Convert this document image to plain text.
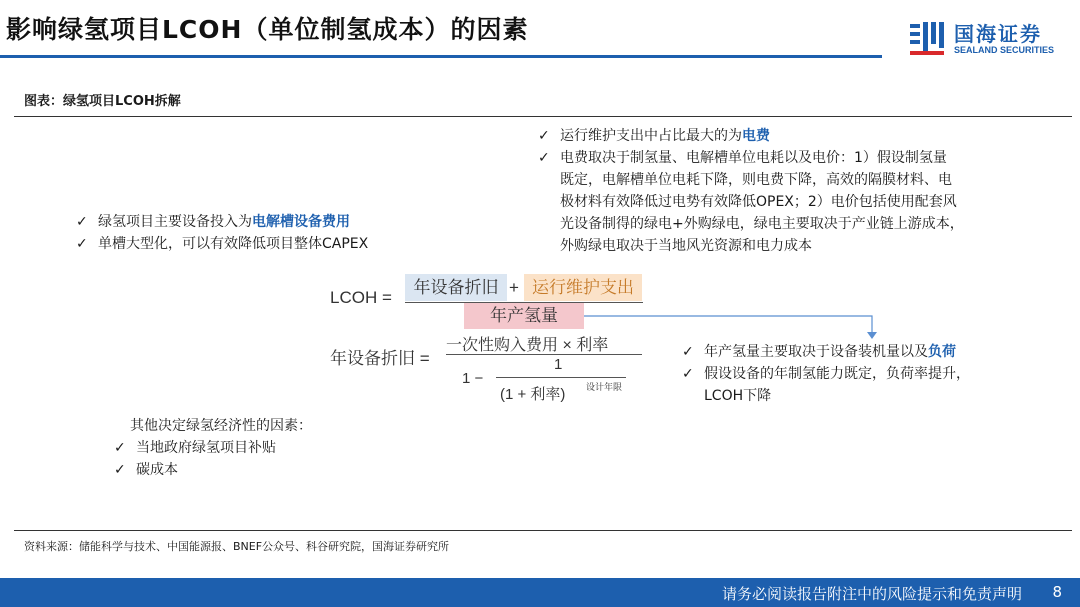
影响绿氢项目LCOH（单位制氢成本）的因素	国海证券
SEALAND SECURITIES
图表：绿氢项目LCOH拆解
✓ 运行维护支出中占比最大的为电费
✓ 电费取决于制氢量、电解槽单位电耗以及电价：1）假设制氢量
既定，电解槽单位电耗下降，则电费下降，高效的隔膜材料、电
极材料有效降低过电势有效降低OPEX；2）电价包括使用配套风
光设备制得的绿电+外购绿电，绿电主要取决于产业链上游成本，
外购绿电取决于当地风光资源和电力成本
✓ 绿氢项目主要设备投入为电解槽设备费用
✓ 单槽大型化，可以有效降低项目整体CAPEX
LCOH =
年设备折旧 + 运行维护支出
年产氢量
年设备折旧 =
一次性购入费用 × 利率
1 −
1
(1 + 利率) 设计年限
✓ 年产氢量主要取决于设备装机量以及负荷
✓ 假设设备的年制氢能力既定，负荷率提升，
LCOH下降
其他决定绿氢经济性的因素：
✓ 当地政府绿氢项目补贴
✓ 碳成本
资料来源：储能科学与技术、中国能源报、BNEF公众号、科谷研究院，国海证券研究所
请务必阅读报告附注中的风险提示和免责声明 8
